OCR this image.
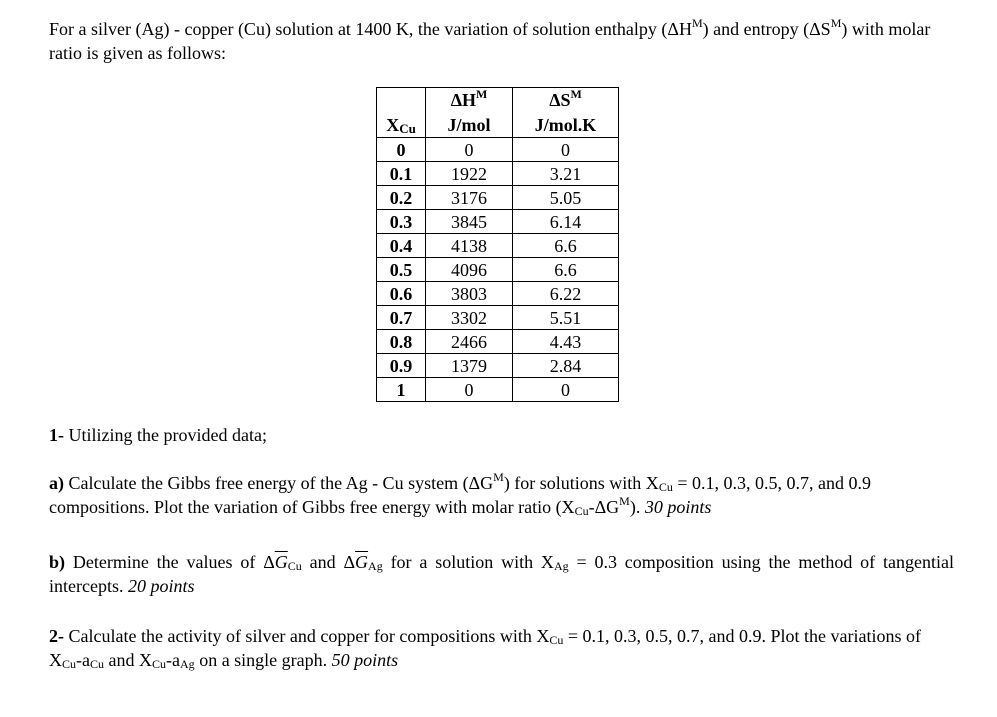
For a silver (Ag) - copper (Cu) solution at 1400 K, the variation of solution enthalpy $(\Delta H^M)$ and entropy $(\Delta S^M)$ with molar ratio is given as follows:
	$\Delta H^M$	$\Delta S^M$
$X_{Cu}$	J/mol	J/mol.K
0	0	0
0.1	1922	3.21
0.2	3176	5.05
0.3	3845	6.14
0.4	4138	6.6
0.5	4096	6.6
0.6	3803	6.22
0.7	3302	5.51
0.8	2466	4.43
0.9	1379	2.84
1	0	0
1- Utilizing the provided data;
a) Calculate the Gibbs free energy of the Ag - Cu system $(\Delta G^M)$ for solutions with $X_{Cu} = 0.1$, 0.3, 0.5, 0.7, and 0.9 compositions. Plot the variation of Gibbs free energy with molar ratio $(X_{Cu}-\Delta G^M)$. 30 points
b) Determine the values of $\Delta\overline{G}_{Cu}$ and $\Delta\overline{G}_{Ag}$ for a solution with $X_{Ag} = 0.3$ composition using the method of tangential intercepts. 20 points
2- Calculate the activity of silver and copper for compositions with $X_{Cu} = 0.1$, 0.3, 0.5, 0.7, and 0.9. Plot the variations of $X_{Cu}-a_{Cu}$ and $X_{Cu}-a_{Ag}$ on a single graph. 50 points
